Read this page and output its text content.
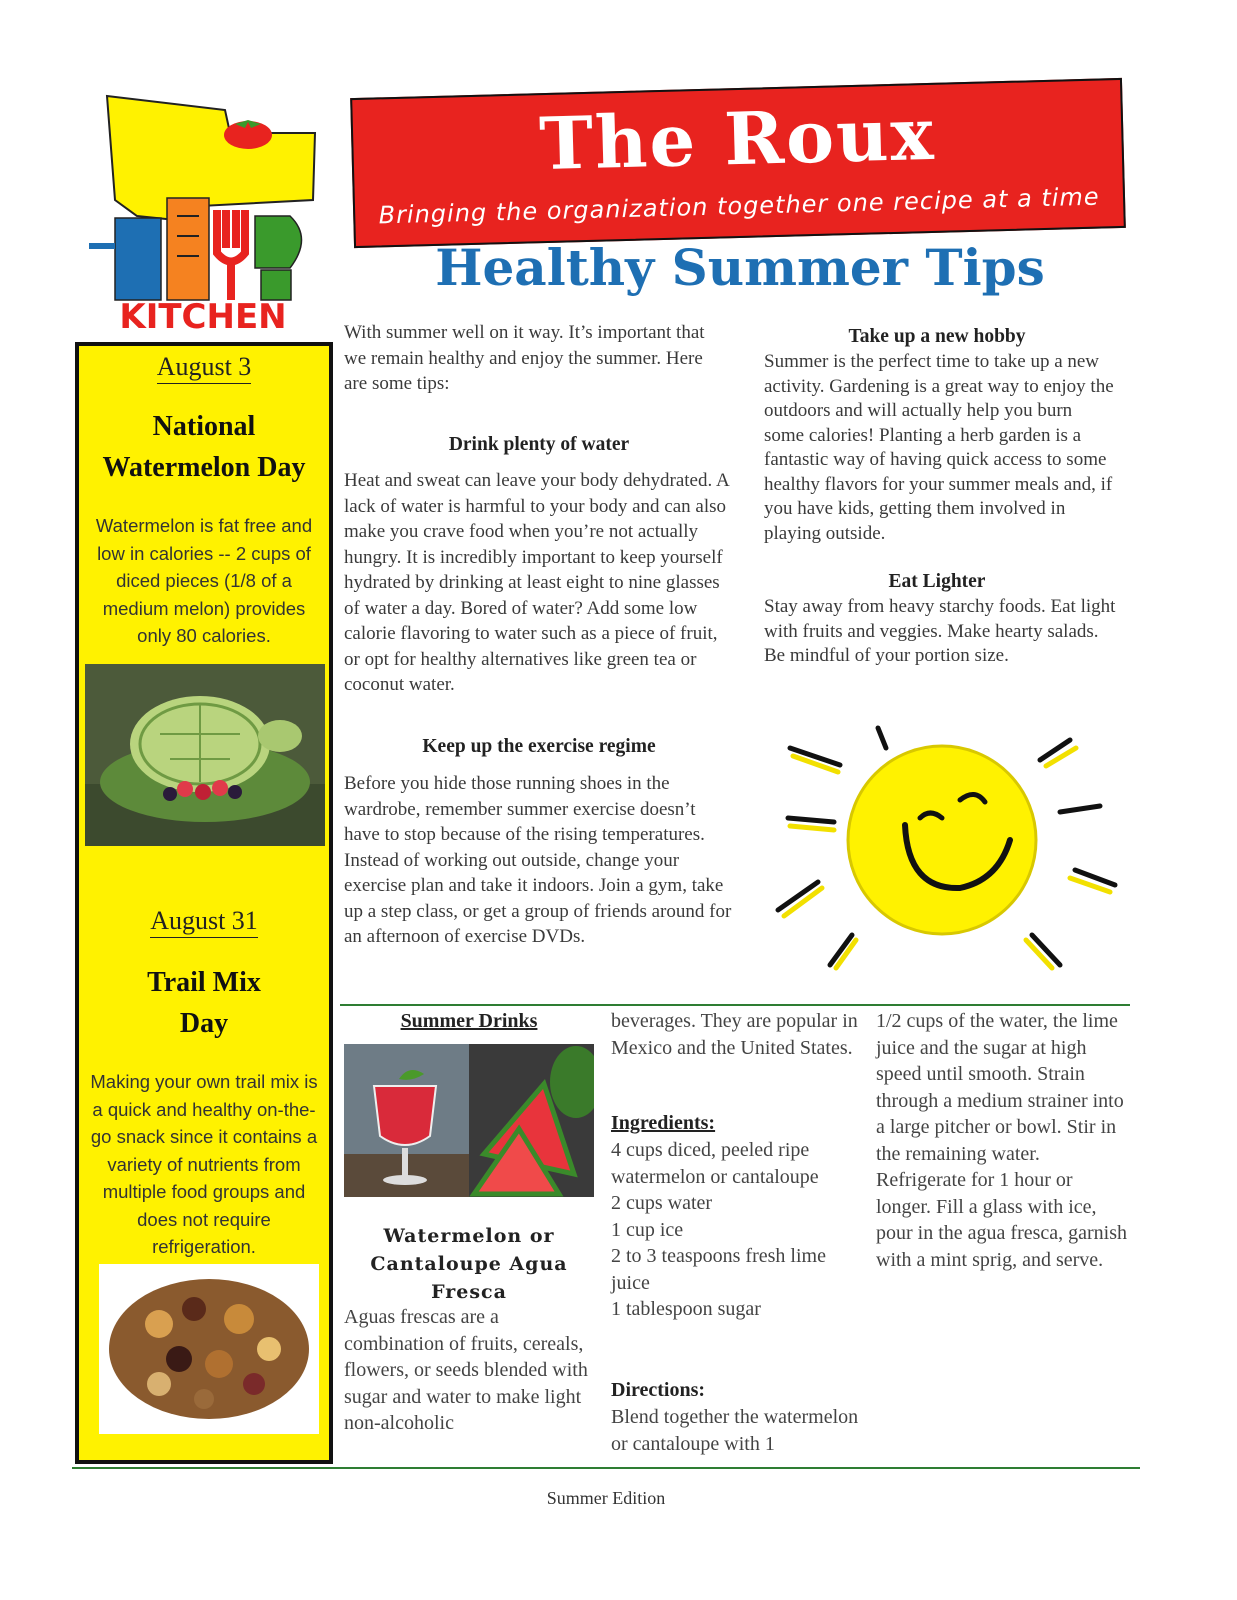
KITCHEN
The Roux
Bringing the organization together one recipe at a time
Healthy Summer Tips
August 3
National Watermelon Day
Watermelon is fat free and low in calories -- 2 cups of diced pieces (1/8 of a medium melon) provides only 80 calories.
August 31
Trail Mix
Day
Making your own trail mix is a quick and healthy on-the-go snack since it contains a variety of nutrients from multiple food groups and does not require refrigeration.
With summer well on it way. It’s important that we remain healthy and enjoy the summer. Here are some tips:
Drink plenty of water
Heat and sweat can leave your body dehydrated. A lack of water is harmful to your body and can also make you crave food when you’re not actually hungry. It is incredibly important to keep yourself hydrated by drinking at least eight to nine glasses of water a day. Bored of water? Add some low calorie flavoring to water such as a piece of fruit, or opt for healthy alternatives like green tea or coconut water.
Keep up the exercise regime
Before you hide those running shoes in the wardrobe, remember summer exercise doesn’t have to stop because of the rising temperatures. Instead of working out outside, change your exercise plan and take it indoors. Join a gym, take up a step class, or get a group of friends around for an afternoon of exercise DVDs.
Take up a new hobby
Summer is the perfect time to take up a new activity. Gardening is a great way to enjoy the outdoors and will actually help you burn some calories! Planting a herb garden is a fantastic way of having quick access to some healthy flavors for your summer meals and, if you have kids, getting them involved in playing outside.
Eat Lighter
Stay away from heavy starchy foods. Eat light with fruits and veggies. Make hearty salads. Be mindful of your portion size.
Summer Drinks
Watermelon or Cantaloupe Agua Fresca
Aguas frescas are a combination of fruits, cereals, flowers, or seeds blended with sugar and water to make light non-alcoholic
beverages. They are popular in Mexico and the United States.
Ingredients:
4 cups diced, peeled ripe watermelon or cantaloupe
2 cups water
1 cup ice
2 to 3 teaspoons fresh lime juice
1 tablespoon sugar
Directions:
Blend together the watermelon or cantaloupe with 1
1/2 cups of the water, the lime juice and the sugar at high speed until smooth. Strain through a medium strainer into a large pitcher or bowl. Stir in the remaining water. Refrigerate for 1 hour or longer. Fill a glass with ice, pour in the agua fresca, garnish with a mint sprig, and serve.
Summer Edition
